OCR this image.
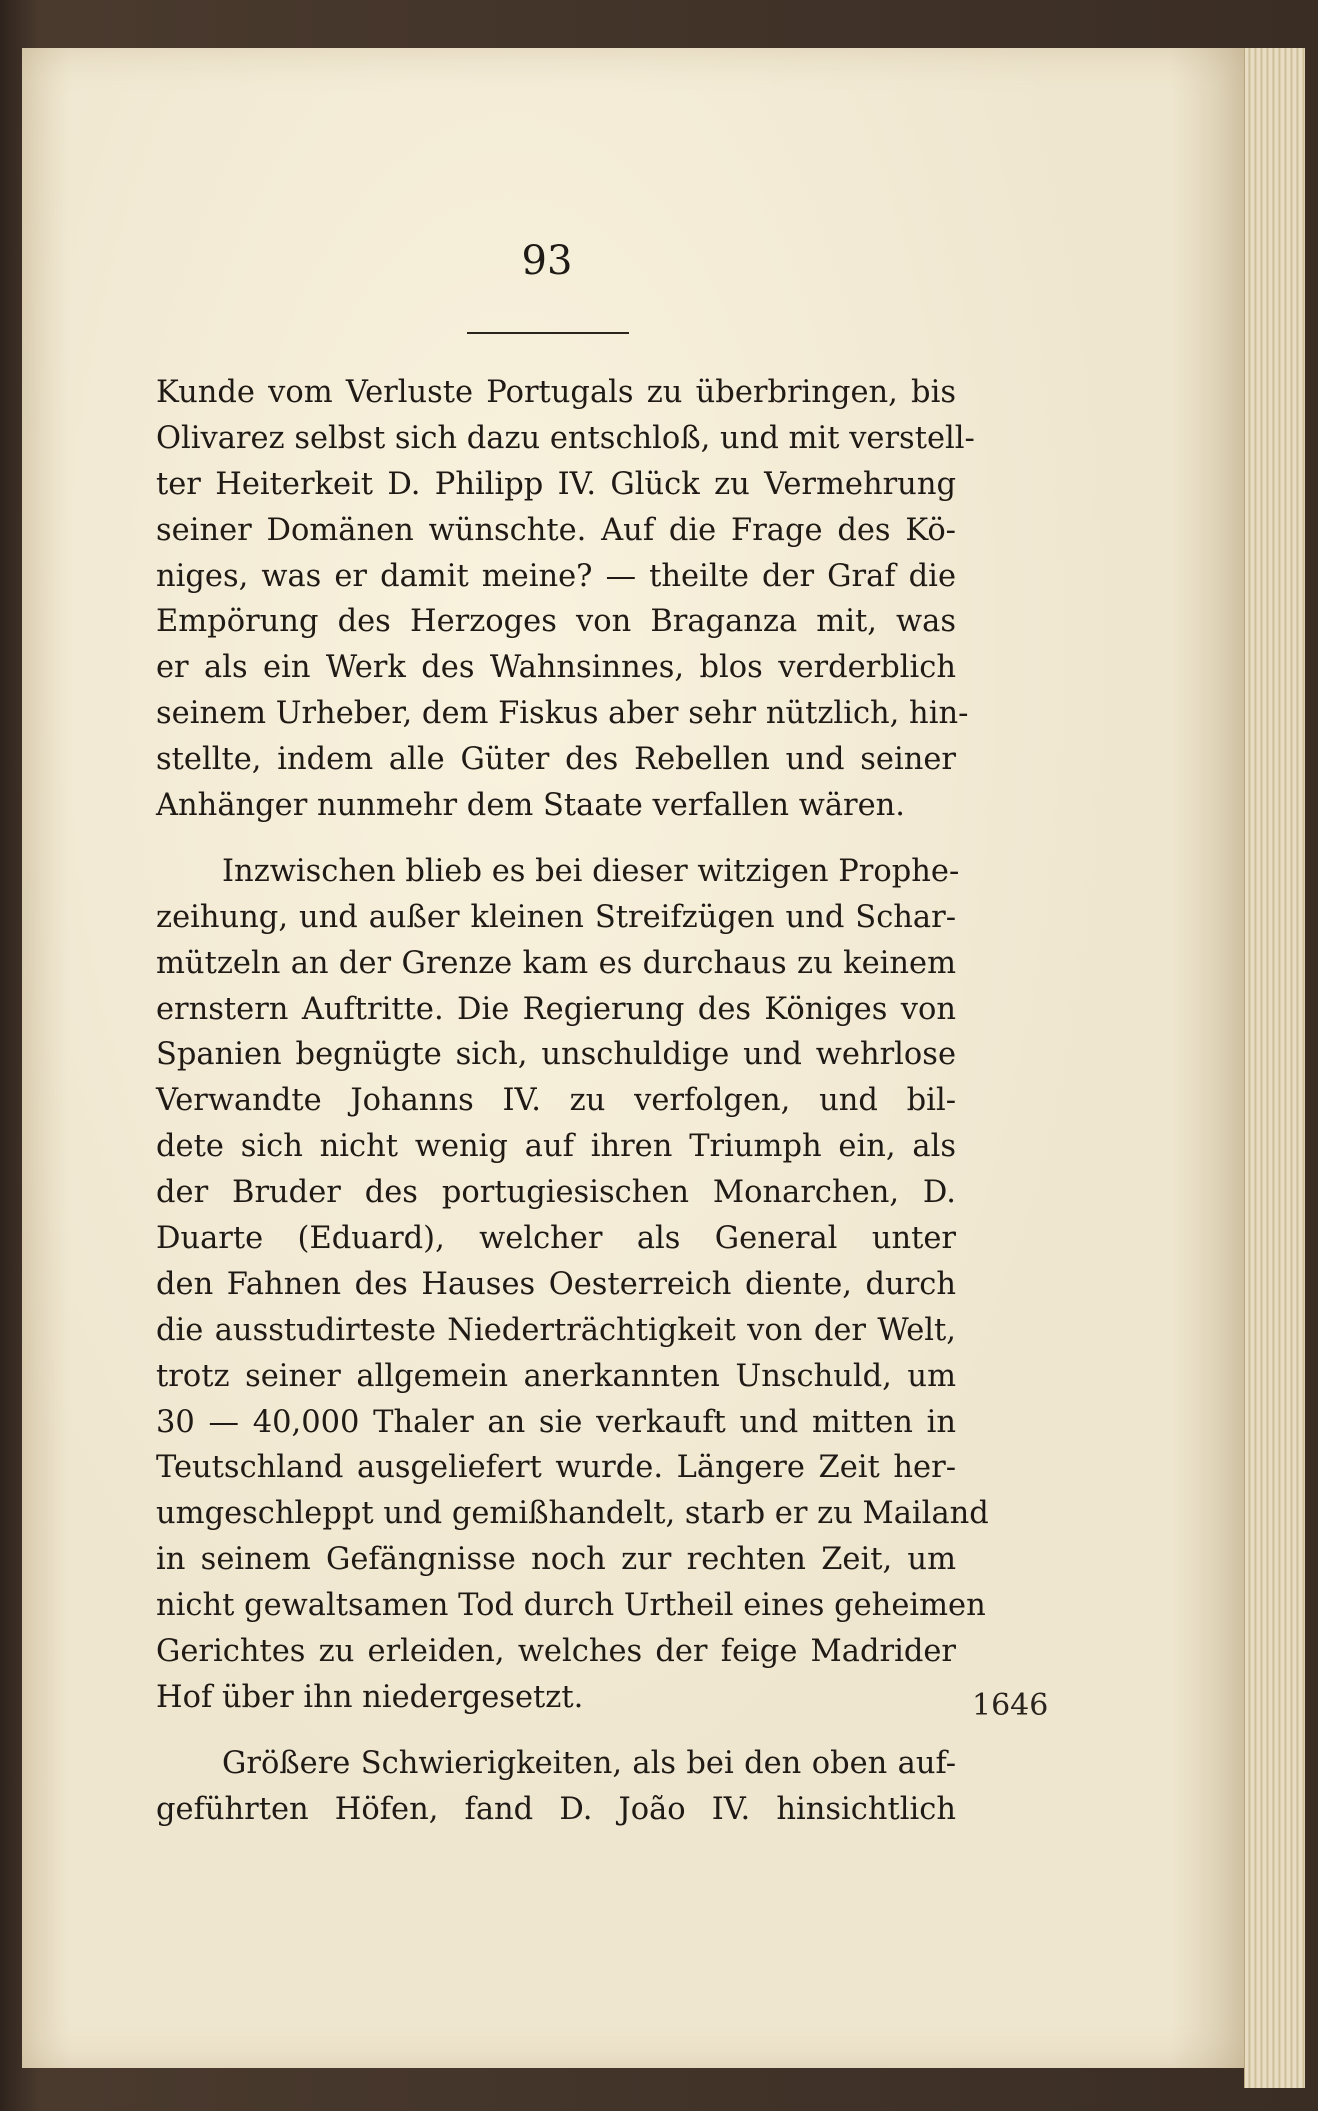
93
Kunde vom Verluste Portugals zu überbringen, bis
Olivarez selbst sich dazu entschloß, und mit verstell-
ter Heiterkeit D. Philipp IV. Glück zu Vermehrung
seiner Domänen wünschte. Auf die Frage des Kö-
niges, was er damit meine? — theilte der Graf die
Empörung des Herzoges von Braganza mit, was
er als ein Werk des Wahnsinnes, blos verderblich
seinem Urheber, dem Fiskus aber sehr nützlich, hin-
stellte, indem alle Güter des Rebellen und seiner
Anhänger nunmehr dem Staate verfallen wären.
Inzwischen blieb es bei dieser witzigen Prophe-
zeihung, und außer kleinen Streifzügen und Schar-
mützeln an der Grenze kam es durchaus zu keinem
ernstern Auftritte. Die Regierung des Königes von
Spanien begnügte sich, unschuldige und wehrlose
Verwandte Johanns IV. zu verfolgen, und bil-
dete sich nicht wenig auf ihren Triumph ein, als
der Bruder des portugiesischen Monarchen, D.
Duarte (Eduard), welcher als General unter
den Fahnen des Hauses Oesterreich diente, durch
die ausstudirteste Niederträchtigkeit von der Welt,
trotz seiner allgemein anerkannten Unschuld, um
30 — 40,000 Thaler an sie verkauft und mitten in
Teutschland ausgeliefert wurde. Längere Zeit her-
umgeschleppt und gemißhandelt, starb er zu Mailand
in seinem Gefängnisse noch zur rechten Zeit, um
nicht gewaltsamen Tod durch Urtheil eines geheimen
Gerichtes zu erleiden, welches der feige Madrider
Hof über ihn niedergesetzt.
Größere Schwierigkeiten, als bei den oben auf-
geführten Höfen, fand D. João IV. hinsichtlich
1646
